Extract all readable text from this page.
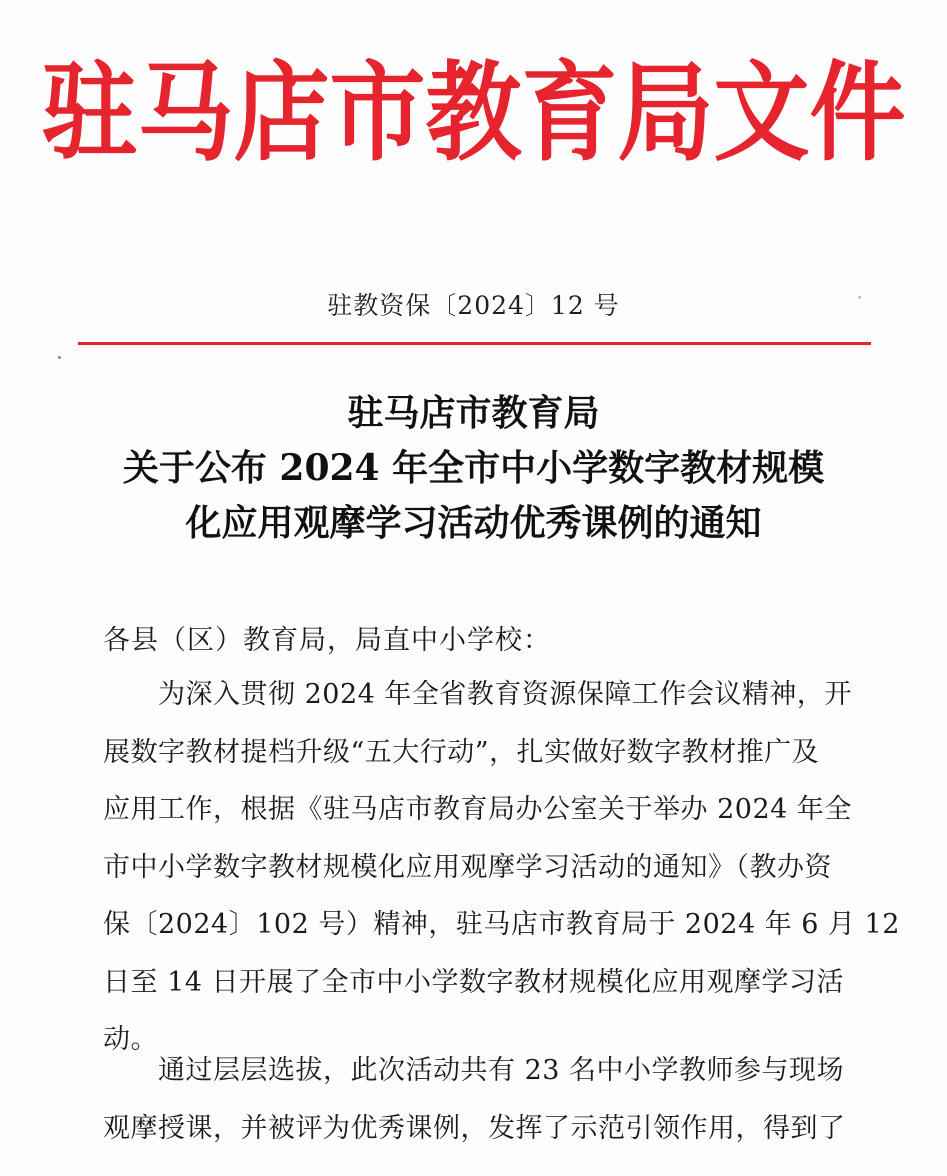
驻马店市教育局文件
驻教资保〔2024〕12 号
驻马店市教育局
关于公布 2024 年全市中小学数字教材规模
化应用观摩学习活动优秀课例的通知
各县（区）教育局，局直中小学校：
　　为深入贯彻 2024 年全省教育资源保障工作会议精神，开
展数字教材提档升级“五大行动”，扎实做好数字教材推广及
应用工作，根据《驻马店市教育局办公室关于举办 2024 年全
市中小学数字教材规模化应用观摩学习活动的通知》（教办资
保〔2024〕102 号）精神，驻马店市教育局于 2024 年 6 月 12
日至 14 日开展了全市中小学数字教材规模化应用观摩学习活
动。
　　通过层层选拔，此次活动共有 23 名中小学教师参与现场
观摩授课，并被评为优秀课例，发挥了示范引领作用，得到了
